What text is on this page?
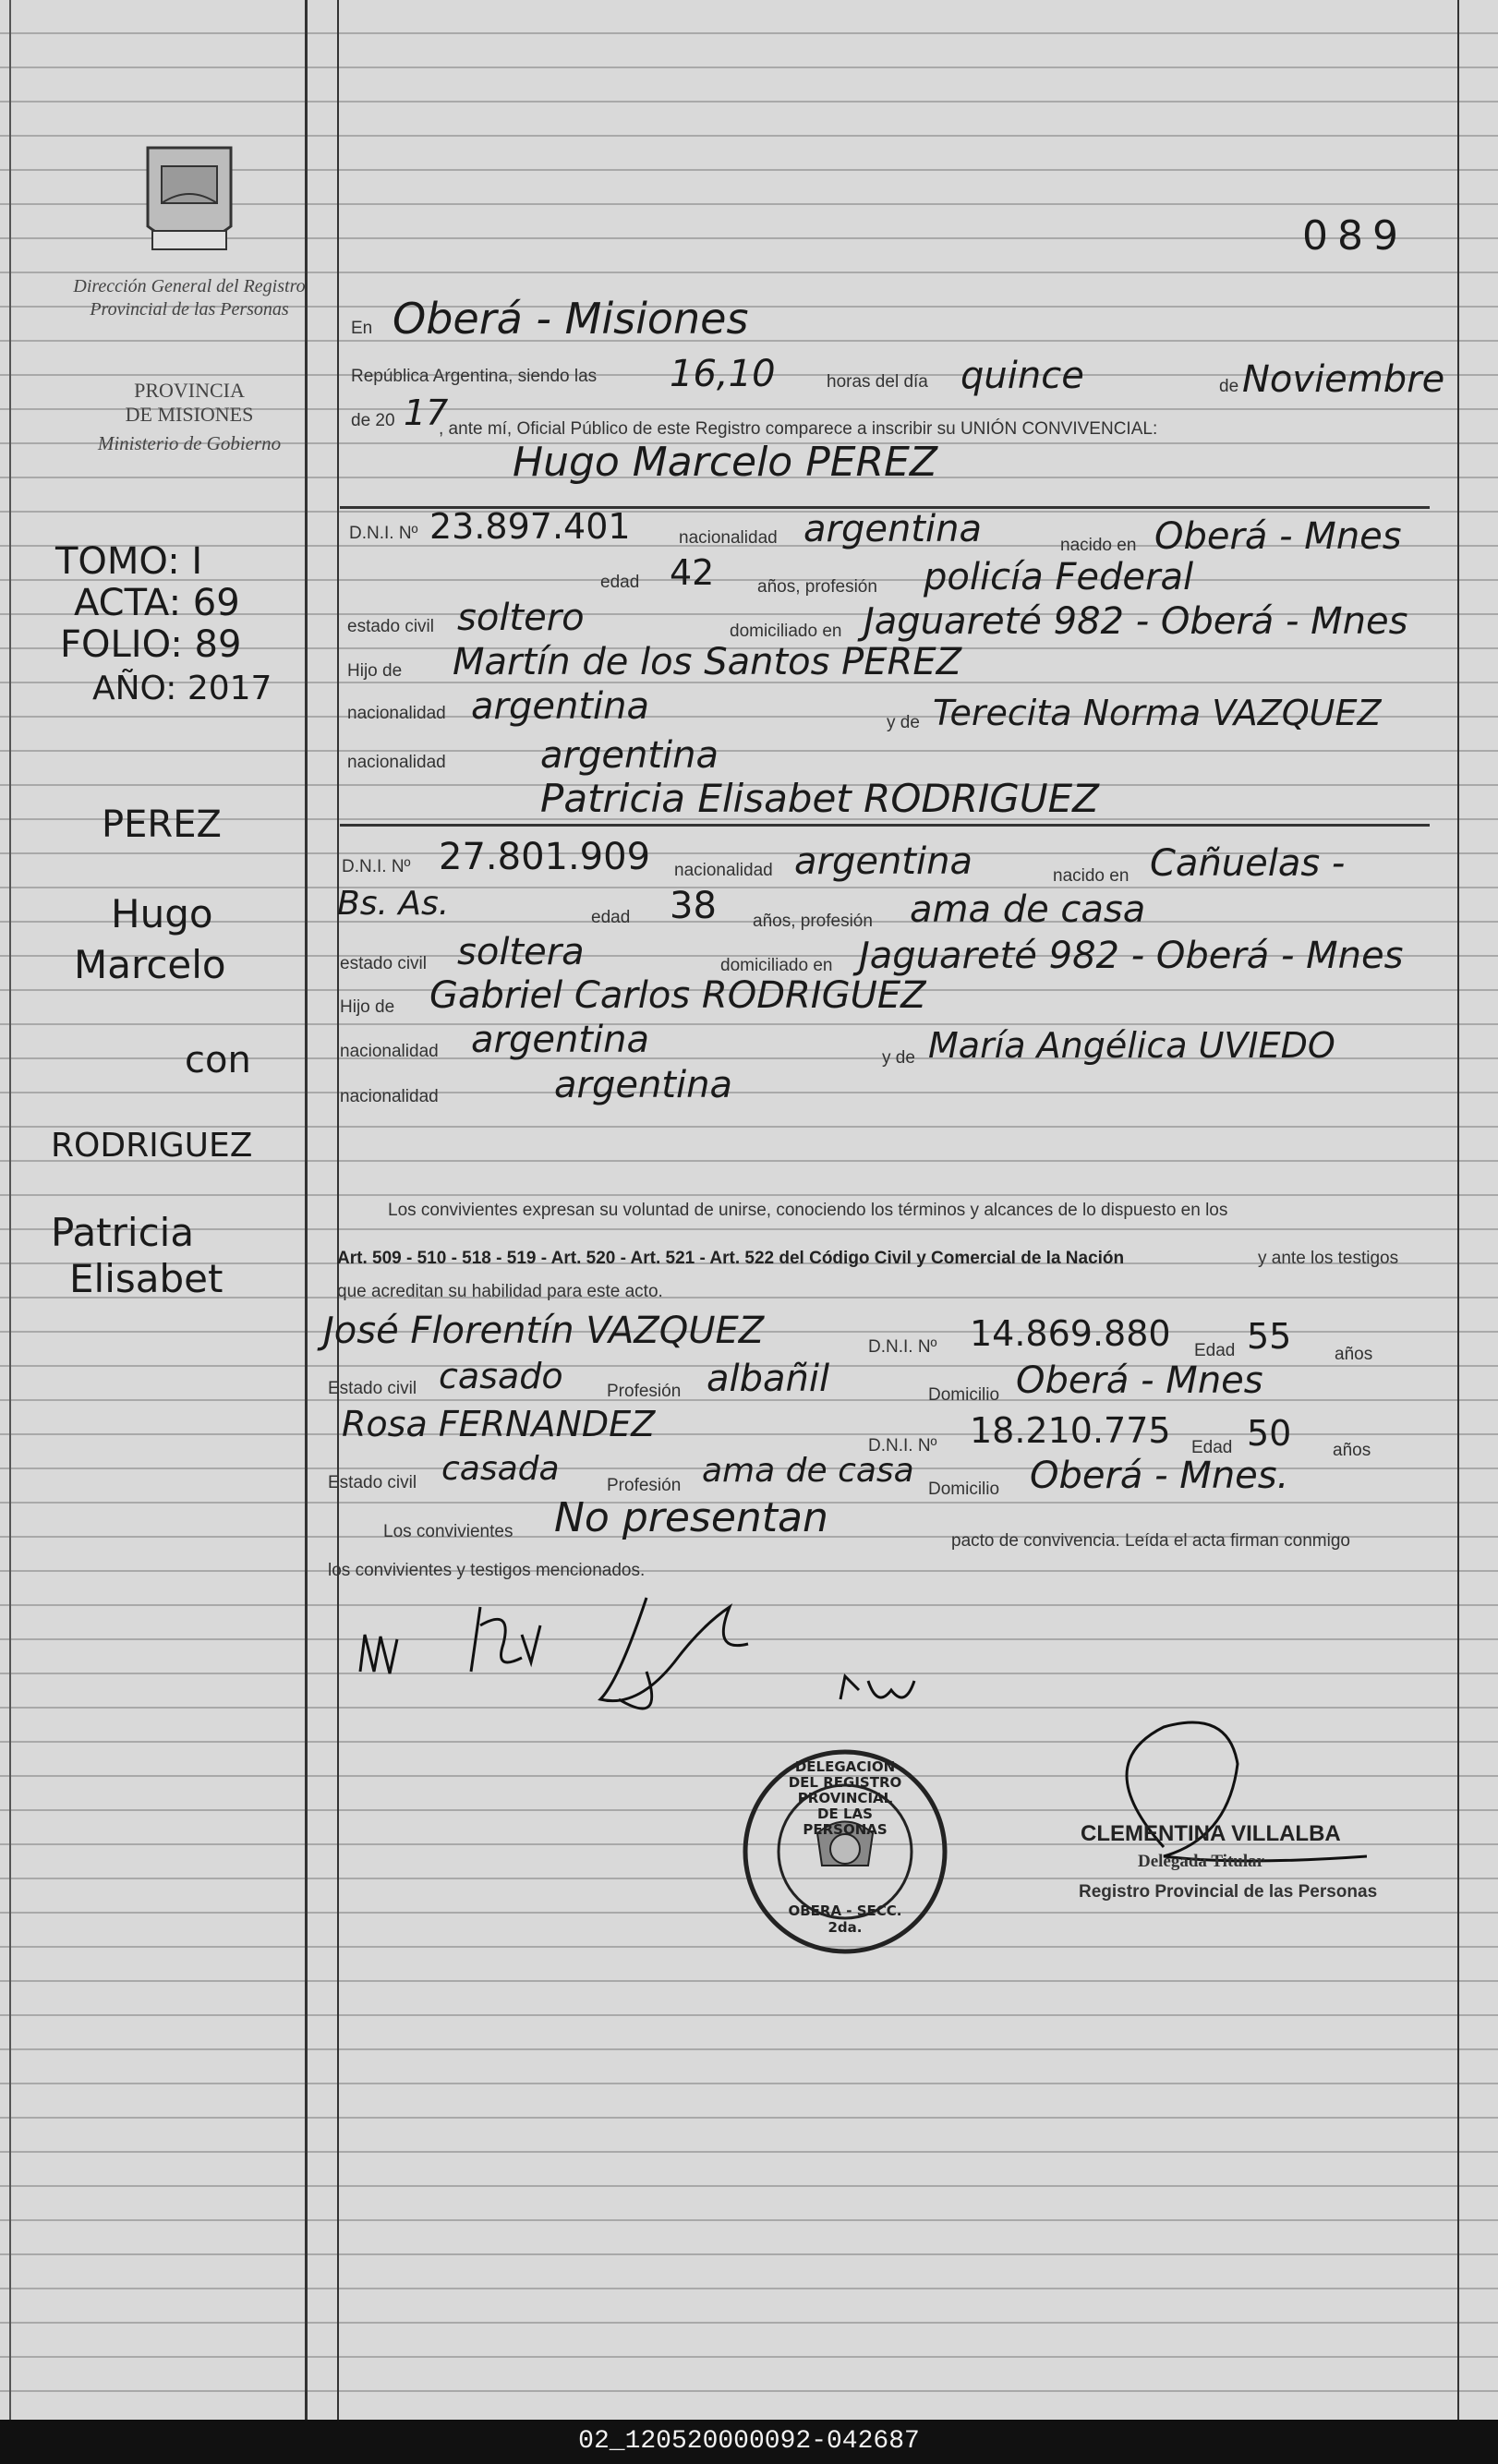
Dirección General del Registro Provincial de las Personas
PROVINCIA DE MISIONES
Ministerio de Gobierno
089
TOMO: I
ACTA: 69
FOLIO: 89
AÑO: 2017
PEREZ
Hugo
Marcelo
con
RODRIGUEZ
Patricia
Elisabet
En Oberá - Misiones
República Argentina, siendo las 16,10	horas del día quince	de Noviembre
de 20 17
, ante mí, Oficial Público de este Registro comparece a inscribir su UNIÓN CONVIVENCIAL:
Hugo Marcelo PEREZ
D.N.I. Nº 23.897.401	nacionalidad argentina	nacido en Oberá - Mnes
edad 42 años, profesión policía Federal
estado civil soltero	domiciliado en Jaguareté 982 - Oberá - Mnes
Hijo de Martín de los Santos PEREZ
nacionalidad argentina	y de Terecita Norma VAZQUEZ
nacionalidad	argentina
Patricia Elisabet RODRIGUEZ
D.N.I. Nº 27.801.909 nacionalidad argentina	nacido en Cañuelas -
Bs. As.	edad 38 años, profesión ama de casa
estado civil soltera	domiciliado en Jaguareté 982 - Oberá - Mnes
Hijo de Gabriel Carlos RODRIGUEZ
nacionalidad argentina	y de María Angélica UVIEDO
nacionalidad	argentina
Los convivientes expresan su voluntad de unirse, conociendo los términos y alcances de lo dispuesto en los
Art. 509 - 510 - 518 - 519 - Art. 520 - Art. 521 - Art. 522 del Código Civil y Comercial de la Nación	y ante los testigos
que acreditan su habilidad para este acto.
José Florentín VAZQUEZ	D.N.I. Nº 14.869.880 Edad 55 años
Estado civil casado Profesión albañil	Domicilio Oberá - Mnes
Rosa FERNANDEZ
D.N.I. Nº 18.210.775 Edad 50 años
Estado civil casada	Profesión ama de casa Domicilio Oberá - Mnes.
Los convivientes No presentan	pacto de convivencia. Leída el acta firman conmigo
los convivientes y testigos mencionados.
DELEGACION DEL REGISTRO PROVINCIAL DE LAS PERSONAS
OBERA - SECC. 2da.
CLEMENTINA VILLALBA
Delegada Titular
Registro Provincial de las Personas
02_120520000092-042687
